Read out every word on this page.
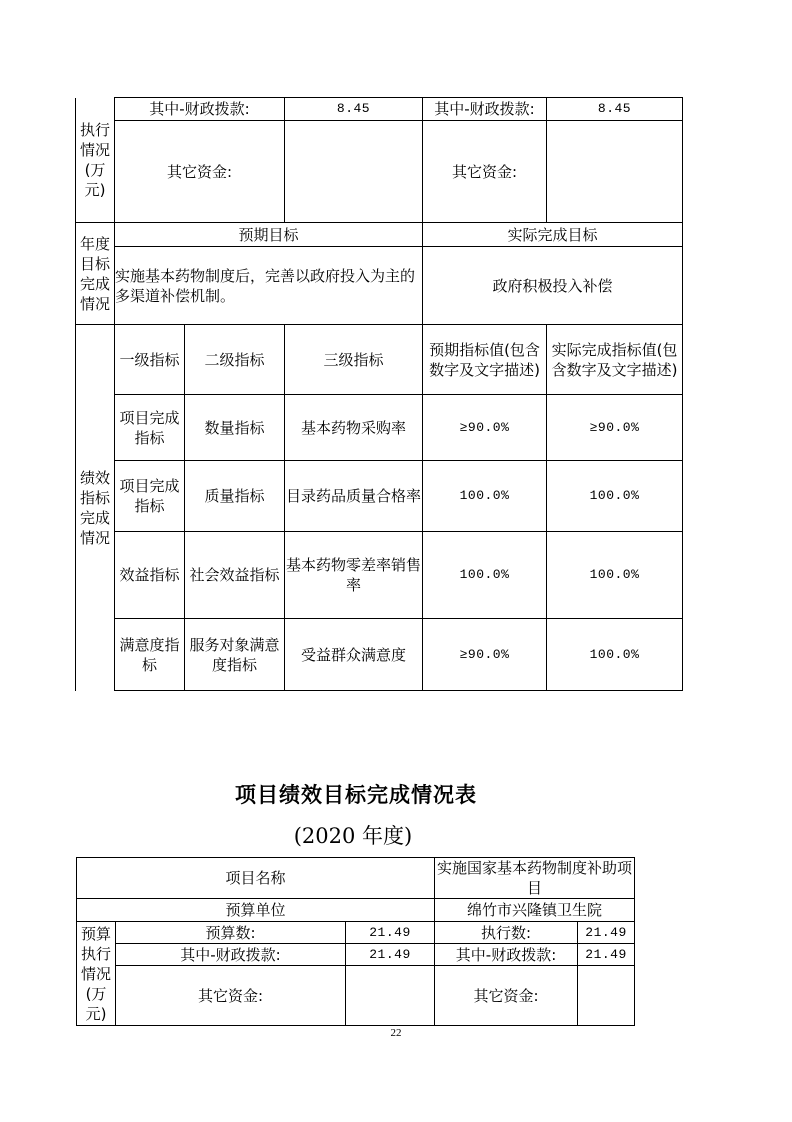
执行情况(万元)	其中-财政拨款:		8.45	其中-财政拨款:	8.45
	其它资金:			其它资金:	
年度目标完成情况	预期目标			实际完成目标	
	实施基本药物制度后，完善以政府投入为主的多渠道补偿机制。			政府积极投入补偿	
绩效指标完成情况	一级指标	二级指标	三级指标	预期指标值(包含数字及文字描述)	实际完成指标值(包含数字及文字描述)
	项目完成指标	数量指标	基本药物采购率	≥90.0%	≥90.0%
	项目完成指标	质量指标	目录药品质量合格率	100.0%	100.0%
	效益指标	社会效益指标	基本药物零差率销售率	100.0%	100.0%
	满意度指标	服务对象满意度指标	受益群众满意度	≥90.0%	100.0%
项目绩效目标完成情况表
(2020 年度)
项目名称			实施国家基本药物制度补助项目	
预算单位			绵竹市兴隆镇卫生院	
预算执行情况(万元)	预算数:	21.49	执行数:	21.49
	其中-财政拨款:	21.49	其中-财政拨款:	21.49
	其它资金:		其它资金:	
22
